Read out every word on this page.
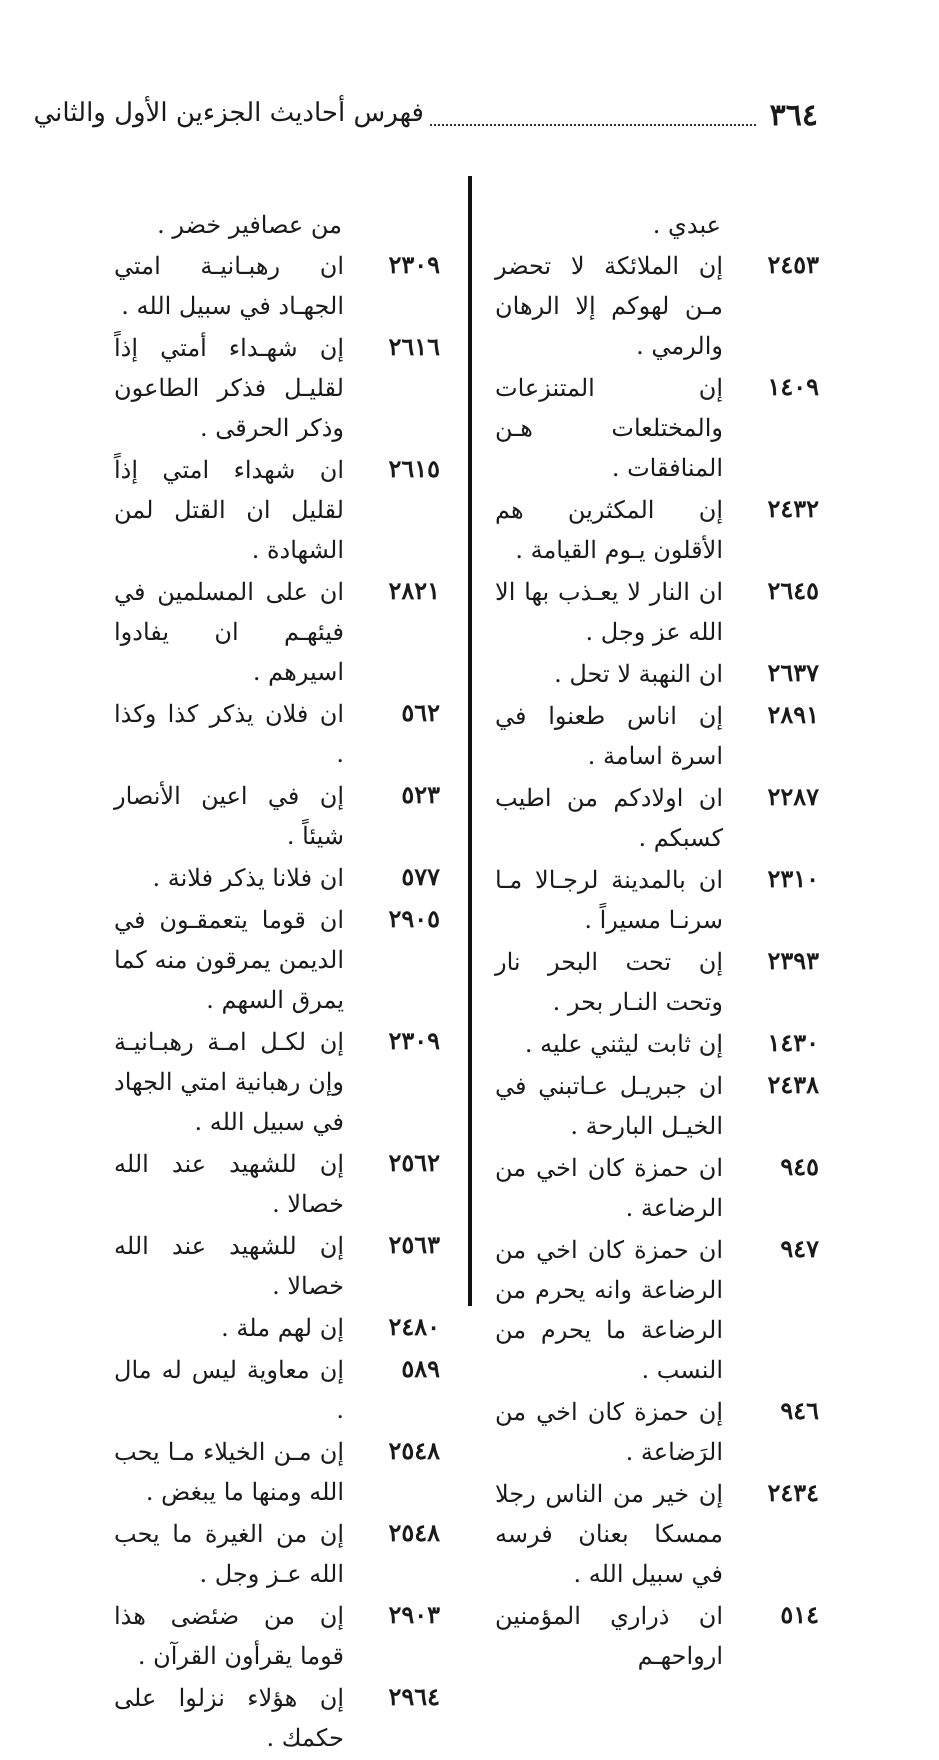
٣٦٤
فهرس أحاديث الجزءين الأول والثاني
عبدي .
٢٤٥٣
إن الملائكة لا تحضر مـن لهوكم إلا الرهان والرمي .
١٤٠٩
إن المتنزعات والمختلعات هـن المنافقات .
٢٤٣٢
إن المكثرين هم الأقلون يـوم القيامة .
٢٦٤٥
ان النار لا يعـذب بها الا الله عز وجل .
٢٦٣٧
ان النهبة لا تحل .
٢٨٩١
إن اناس طعنوا في اسرة اسامة .
٢٢٨٧
ان اولادكم من اطيب كسبكم .
٢٣١٠
ان بالمدينة لرجـالا مـا سرنـا مسيراً .
٢٣٩٣
إن تحت البحر نار وتحت النـار بحر .
١٤٣٠
إن ثابت ليثني عليه .
٢٤٣٨
ان جبريـل عـاتبني في الخيـل البارحة .
٩٤٥
ان حمزة كان اخي من الرضاعة .
٩٤٧
ان حمزة كان اخي من الرضاعة وانه يحرم من الرضاعة ما يحرم من النسب .
٩٤٦
إن حمزة كان اخي من الرَضاعة .
٢٤٣٤
إن خير من الناس رجلا ممسكا بعنان فرسه في سبيل الله .
٥١٤
ان ذراري المؤمنين ارواحهـم
من عصافير خضر .
٢٣٠٩
ان رهبـانيـة امتي الجهـاد في سبيل الله .
٢٦١٦
إن شهـداء أمتي إذاً لقليـل فذكر الطاعون وذكر الحرقى .
٢٦١٥
ان شهداء امتي إذاً لقليل ان القتل لمن الشهادة .
٢٨٢١
ان على المسلمين في فيئهـم ان يفادوا اسيرهم .
٥٦٢
ان فلان يذكر كذا وكذا .
٥٢٣
إن في اعين الأنصار شيئاً .
٥٧٧
ان فلانا يذكر فلانة .
٢٩٠٥
ان قوما يتعمقـون في الديمن يمرقون منه كما يمرق السهم .
٢٣٠٩
إن لكـل امـة رهبـانيـة وإن رهبانية امتي الجهاد في سبيل الله .
٢٥٦٢
إن للشهيد عند الله خصالا .
٢٥٦٣
إن للشهيد عند الله خصالا .
٢٤٨٠
إن لهم ملة .
٥٨٩
إن معاوية ليس له مال .
٢٥٤٨
إن مـن الخيلاء مـا يحب الله ومنها ما يبغض .
٢٥٤٨
إن من الغيرة ما يحب الله عـز وجل .
٢٩٠٣
إن من ضئضى هذا قوما يقرأون القرآن .
٢٩٦٤
إن هؤلاء نزلوا على حكمك .
